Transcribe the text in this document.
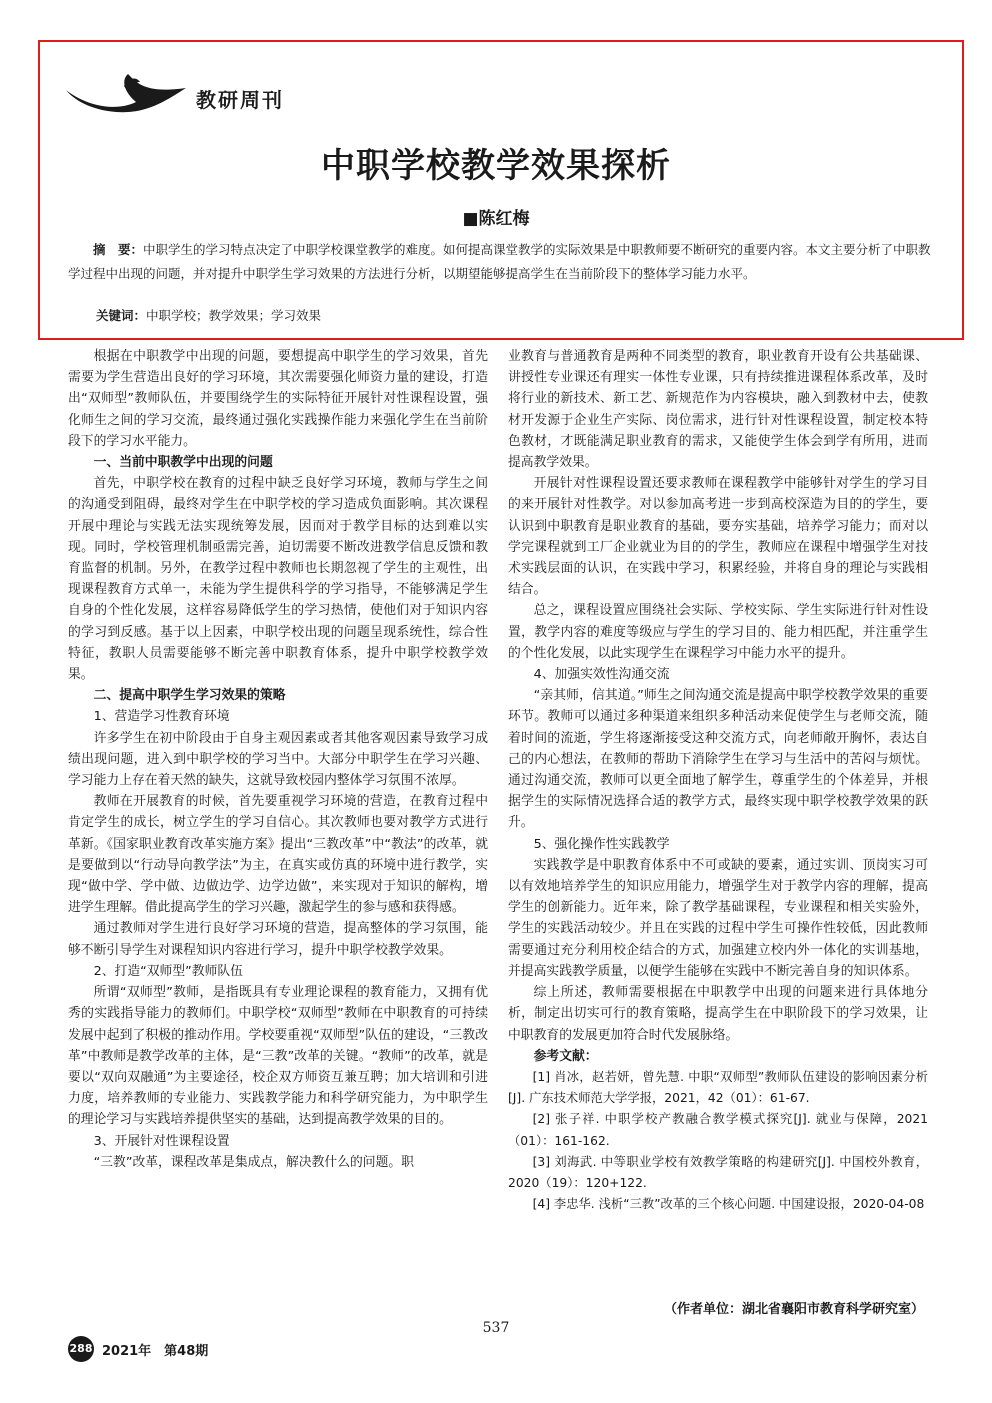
教研周刊
中职学校教学效果探析
■陈红梅
摘　要：中职学生的学习特点决定了中职学校课堂教学的难度。如何提高课堂教学的实际效果是中职教师要不断研究的重要内容。本文主要分析了中职教学过程中出现的问题，并对提升中职学生学习效果的方法进行分析，以期望能够提高学生在当前阶段下的整体学习能力水平。
关键词：中职学校；教学效果；学习效果

根据在中职教学中出现的问题，要想提高中职学生的学习效果，首先需要为学生营造出良好的学习环境，其次需要强化师资力量的建设，打造出“双师型”教师队伍，并要围绕学生的实际特征开展针对性课程设置，强化师生之间的学习交流，最终通过强化实践操作能力来强化学生在当前阶段下的学习水平能力。

一、当前中职教学中出现的问题

首先，中职学校在教育的过程中缺乏良好学习环境，教师与学生之间的沟通受到阻碍，最终对学生在中职学校的学习造成负面影响。其次课程开展中理论与实践无法实现统筹发展，因而对于教学目标的达到难以实现。同时，学校管理机制亟需完善，迫切需要不断改进教学信息反馈和教育监督的机制。另外，在教学过程中教师也长期忽视了学生的主观性，出现课程教育方式单一，未能为学生提供科学的学习指导，不能够满足学生自身的个性化发展，这样容易降低学生的学习热情，使他们对于知识内容的学习到反感。基于以上因素，中职学校出现的问题呈现系统性，综合性特征，教职人员需要能够不断完善中职教育体系，提升中职学校教学效果。

二、提高中职学生学习效果的策略

1、营造学习性教育环境

许多学生在初中阶段由于自身主观因素或者其他客观因素导致学习成绩出现问题，进入到中职学校的学习当中。大部分中职学生在学习兴趣、学习能力上存在着天然的缺失，这就导致校园内整体学习氛围不浓厚。

教师在开展教育的时候，首先要重视学习环境的营造，在教育过程中肯定学生的成长，树立学生的学习自信心。其次教师也要对教学方式进行革新。《国家职业教育改革实施方案》提出“三教改革”中“教法”的改革，就是要做到以“行动导向教学法”为主，在真实或仿真的环境中进行教学，实现“做中学、学中做、边做边学、边学边做”，来实现对于知识的解构，增进学生理解。借此提高学生的学习兴趣，激起学生的参与感和获得感。

通过教师对学生进行良好学习环境的营造，提高整体的学习氛围，能够不断引导学生对课程知识内容进行学习，提升中职学校教学效果。

2、打造“双师型”教师队伍

所谓“双师型”教师，是指既具有专业理论课程的教育能力，又拥有优秀的实践指导能力的教师们。中职学校“双师型”教师在中职教育的可持续发展中起到了积极的推动作用。学校要重视“双师型”队伍的建设，“三教改革”中教师是教学改革的主体，是“三教”改革的关键。“教师”的改革，就是要以“双向双融通”为主要途径，校企双方师资互兼互聘；加大培训和引进力度，培养教师的专业能力、实践教学能力和科学研究能力，为中职学生的理论学习与实践培养提供坚实的基础，达到提高教学效果的目的。

3、开展针对性课程设置

“三教”改革，课程改革是集成点，解决教什么的问题。职

业教育与普通教育是两种不同类型的教育，职业教育开设有公共基础课、讲授性专业课还有理实一体性专业课，只有持续推进课程体系改革，及时将行业的新技术、新工艺、新规范作为内容模块，融入到教材中去，使教材开发源于企业生产实际、岗位需求，进行针对性课程设置，制定校本特色教材，才既能满足职业教育的需求，又能使学生体会到学有所用，进而提高教学效果。

开展针对性课程设置还要求教师在课程教学中能够针对学生的学习目的来开展针对性教学。对以参加高考进一步到高校深造为目的的学生，要认识到中职教育是职业教育的基础，要夯实基础，培养学习能力；而对以学完课程就到工厂企业就业为目的的学生，教师应在课程中增强学生对技术实践层面的认识，在实践中学习，积累经验，并将自身的理论与实践相结合。

总之，课程设置应围绕社会实际、学校实际、学生实际进行针对性设置，教学内容的难度等级应与学生的学习目的、能力相匹配，并注重学生的个性化发展，以此实现学生在课程学习中能力水平的提升。

4、加强实效性沟通交流

“亲其师，信其道。”师生之间沟通交流是提高中职学校教学效果的重要环节。教师可以通过多种渠道来组织多种活动来促使学生与老师交流，随着时间的流逝，学生将逐渐接受这种交流方式，向老师敞开胸怀，表达自己的内心想法，在教师的帮助下消除学生在学习与生活中的苦闷与烦忧。通过沟通交流，教师可以更全面地了解学生，尊重学生的个体差异，并根据学生的实际情况选择合适的教学方式，最终实现中职学校教学效果的跃升。

5、强化操作性实践教学

实践教学是中职教育体系中不可或缺的要素，通过实训、顶岗实习可以有效地培养学生的知识应用能力，增强学生对于教学内容的理解，提高学生的创新能力。近年来，除了教学基础课程，专业课程和相关实验外，学生的实践活动较少。并且在实践的过程中学生可操作性较低，因此教师需要通过充分利用校企结合的方式，加强建立校内外一体化的实训基地，并提高实践教学质量，以便学生能够在实践中不断完善自身的知识体系。

综上所述，教师需要根据在中职教学中出现的问题来进行具体地分析，制定出切实可行的教育策略，提高学生在中职阶段下的学习效果，让中职教育的发展更加符合时代发展脉络。

参考文献：

[1] 肖冰，赵若妍，曾先慧. 中职“双师型”教师队伍建设的影响因素分析[J]. 广东技术师范大学学报，2021，42（01）：61-67.

[2] 张子祥. 中职学校产教融合教学模式探究[J]. 就业与保障，2021（01）：161-162.

[3] 刘海武. 中等职业学校有效教学策略的构建研究[J]. 中国校外教育，2020（19）：120+122.

[4] 李忠华. 浅析“三教”改革的三个核心问题. 中国建设报，2020-04-08

（作者单位：湖北省襄阳市教育科学研究室）
537
288 2021年　第48期
